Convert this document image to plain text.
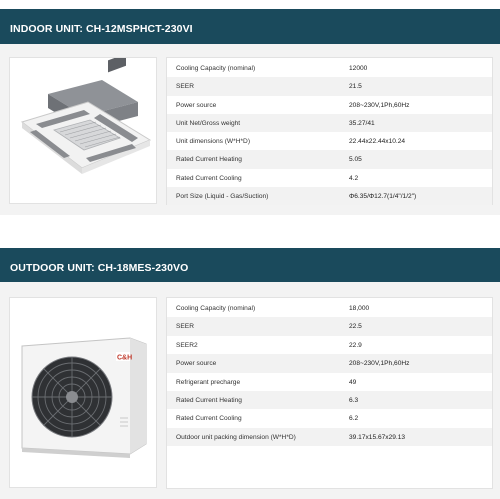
INDOOR UNIT: CH-12MSPHCT-230VI
Cooling Capacity (nominal)	12000
SEER	21.5
Power source	208~230V,1Ph,60Hz
Unit Net/Gross weight	35.27/41
Unit dimensions (W*H*D)	22.44x22.44x10.24
Rated Current Heating	5.05
Rated Current Cooling	4.2
Port Size (Liquid - Gas/Suction)	Φ6.35/Φ12.7(1/4"/1/2")
OUTDOOR UNIT: CH-18MES-230VO
C&H
Cooling Capacity (nominal)	18,000
SEER	22.5
SEER2	22.9
Power source	208~230V,1Ph,60Hz
Refrigerant precharge	49
Rated Current Heating	6.3
Rated Current Cooling	6.2
Outdoor unit packing dimension (W*H*D)	39.17x15.67x29.13
